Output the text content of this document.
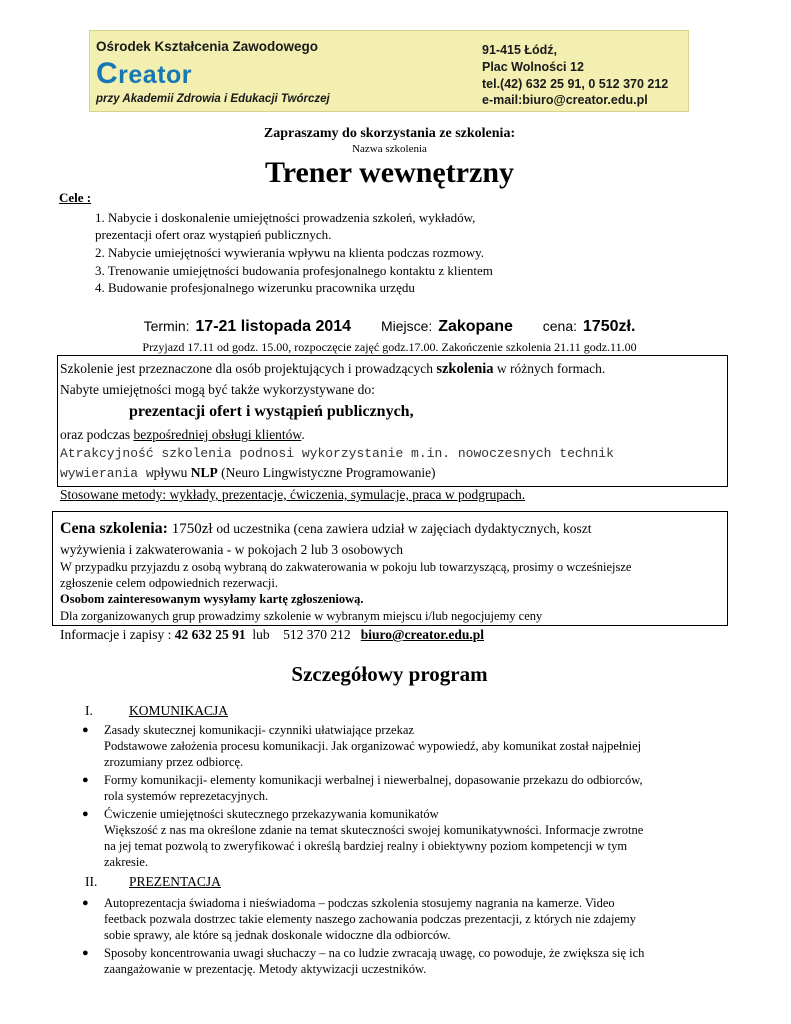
Ośrodek Kształcenia Zawodowego
Creator
przy Akademii Zdrowia i Edukacji Twórczej
91-415 Łódź,
Plac Wolności 12
tel.(42) 632 25 91, 0 512 370 212
e-mail:biuro@creator.edu.pl
Zapraszamy do skorzystania ze szkolenia:
Nazwa szkolenia
Trener wewnętrzny
Cele :
1. Nabycie i doskonalenie umiejętności prowadzenia szkoleń, wykładów,
prezentacji ofert oraz wystąpień publicznych.
2. Nabycie umiejętności wywierania wpływu na klienta podczas rozmowy.
3. Trenowanie umiejętności budowania profesjonalnego kontaktu z klientem
4. Budowanie profesjonalnego wizerunku pracownika urzędu
Termin: 17-21 listopada 2014 Miejsce: Zakopane cena: 1750zł.
Przyjazd 17.11 od godz. 15.00, rozpoczęcie zajęć godz.17.00. Zakończenie szkolenia 21.11 godz.11.00
Szkolenie jest przeznaczone dla osób projektujących i prowadzących szkolenia w różnych formach.
Nabyte umiejętności mogą być także wykorzystywane do:
prezentacji ofert i wystąpień publicznych,
oraz podczas bezpośredniej obsługi klientów.
Atrakcyjność szkolenia podnosi wykorzystanie m.in. nowoczesnych technik
wywierania wpływu NLP (Neuro Lingwistyczne Programowanie)
Stosowane metody: wykłady, prezentacje, ćwiczenia, symulacje, praca w podgrupach.
Cena szkolenia: 1750zł od uczestnika (cena zawiera udział w zajęciach dydaktycznych, koszt
wyżywienia i zakwaterowania - w pokojach 2 lub 3 osobowych
W przypadku przyjazdu z osobą wybraną do zakwaterowania w pokoju lub towarzyszącą, prosimy o wcześniejsze
zgłoszenie celem odpowiednich rezerwacji.
Osobom zainteresowanym wysyłamy kartę zgłoszeniową.
Dla zorganizowanych grup prowadzimy szkolenie w wybranym miejscu i/lub negocjujemy ceny
Informacje i zapisy : 42 632 25 91  lub    512 370 212   biuro@creator.edu.pl
Szczegółowy program
I.	KOMUNIKACJA
● Zasady skutecznej komunikacji- czynniki ułatwiające przekaz
Podstawowe założenia procesu komunikacji. Jak organizować wypowiedź, aby komunikat został najpełniej
zrozumiany przez odbiorcę.
● Formy komunikacji- elementy komunikacji werbalnej i niewerbalnej, dopasowanie przekazu do odbiorców,
rola systemów reprezetacyjnych.
● Ćwiczenie umiejętności skutecznego przekazywania komunikatów
Większość z nas ma określone zdanie na temat skuteczności swojej komunikatywności. Informacje zwrotne
na jej temat pozwolą to zweryfikować i określą bardziej realny i obiektywny poziom kompetencji w tym
zakresie.
II. PREZENTACJA
● Autoprezentacja świadoma i nieświadoma – podczas szkolenia stosujemy nagrania na kamerze. Video
feetback pozwala dostrzec takie elementy naszego zachowania podczas prezentacji, z których nie zdajemy
sobie sprawy, ale które są jednak doskonale widoczne dla odbiorców.
● Sposoby koncentrowania uwagi słuchaczy – na co ludzie zwracają uwagę, co powoduje, że zwiększa się ich
zaangażowanie w prezentację. Metody aktywizacji uczestników.
